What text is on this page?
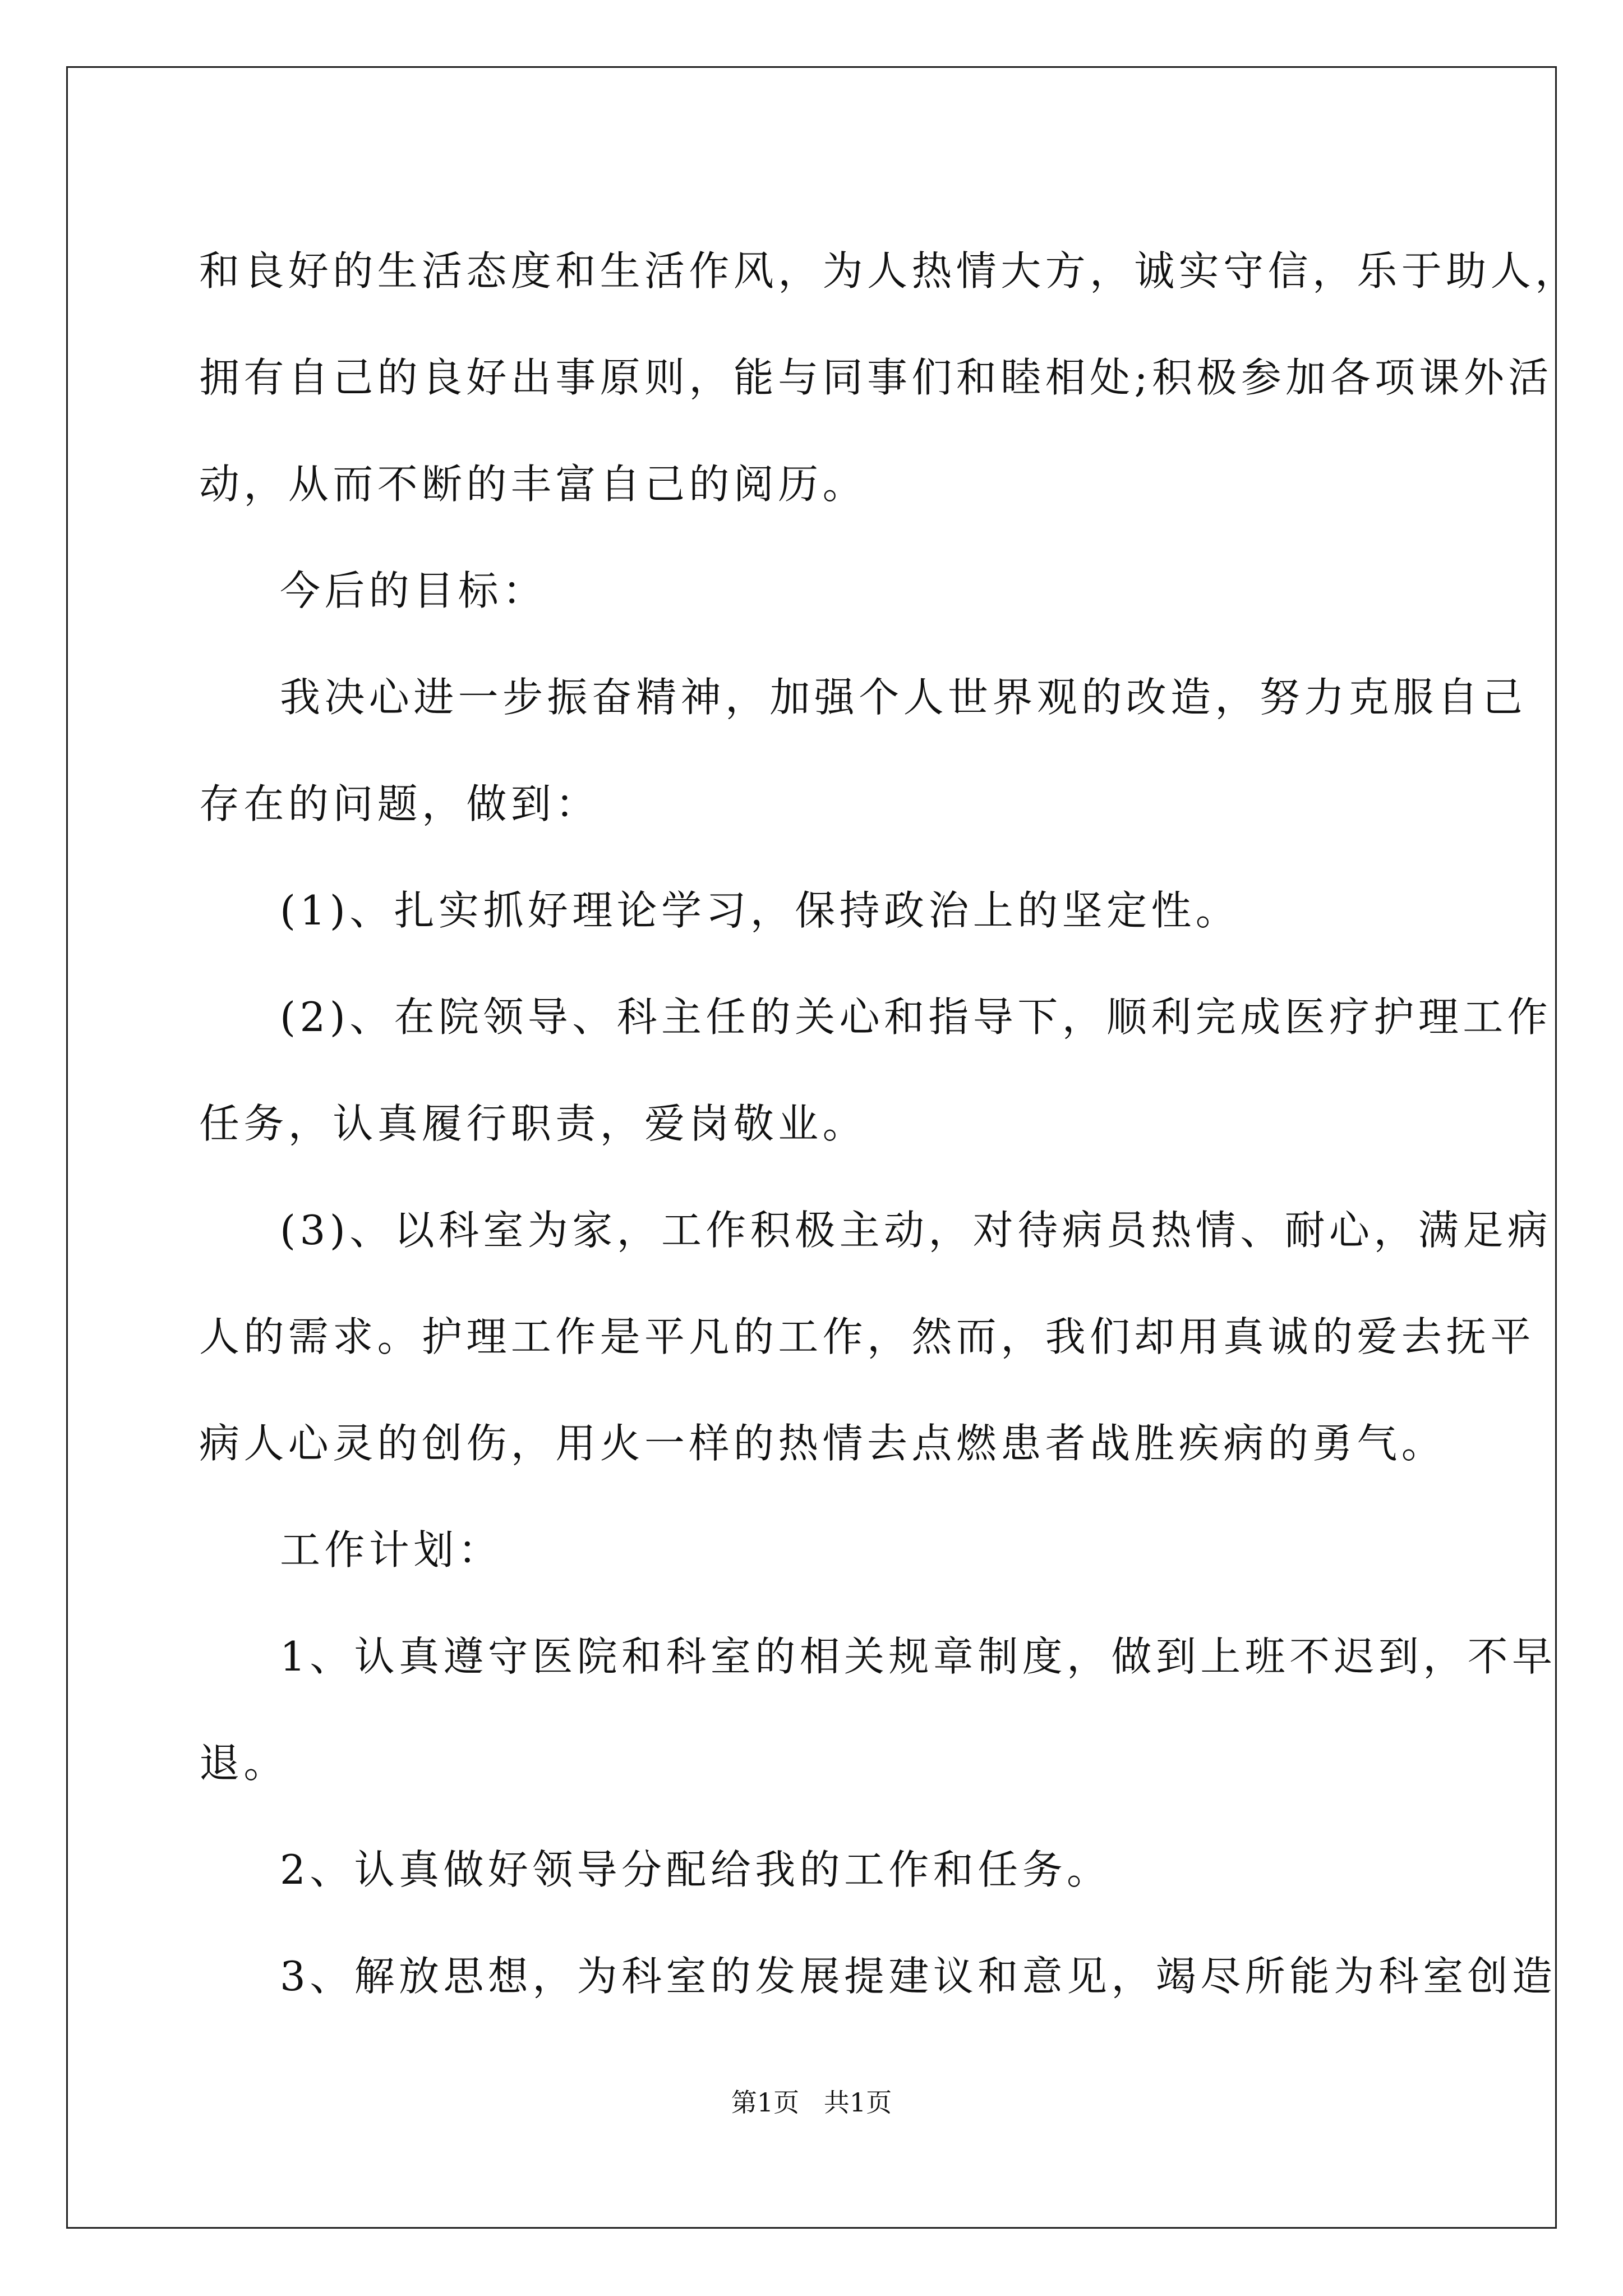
和良好的生活态度和生活作风，为人热情大方，诚实守信，乐于助人，
拥有自己的良好出事原则，能与同事们和睦相处;积极参加各项课外活
动，从而不断的丰富自己的阅历。
今后的目标：
我决心进一步振奋精神，加强个人世界观的改造，努力克服自己
存在的问题，做到：
(1)、扎实抓好理论学习，保持政治上的坚定性。
(2)、在院领导、科主任的关心和指导下，顺利完成医疗护理工作
任务，认真履行职责，爱岗敬业。
(3)、以科室为家，工作积极主动，对待病员热情、耐心，满足病
人的需求。护理工作是平凡的工作，然而，我们却用真诚的爱去抚平
病人心灵的创伤，用火一样的热情去点燃患者战胜疾病的勇气。
工作计划：
1、认真遵守医院和科室的相关规章制度，做到上班不迟到，不早
退。
2、认真做好领导分配给我的工作和任务。
3、解放思想，为科室的发展提建议和意见，竭尽所能为科室创造
第1页   共1页
